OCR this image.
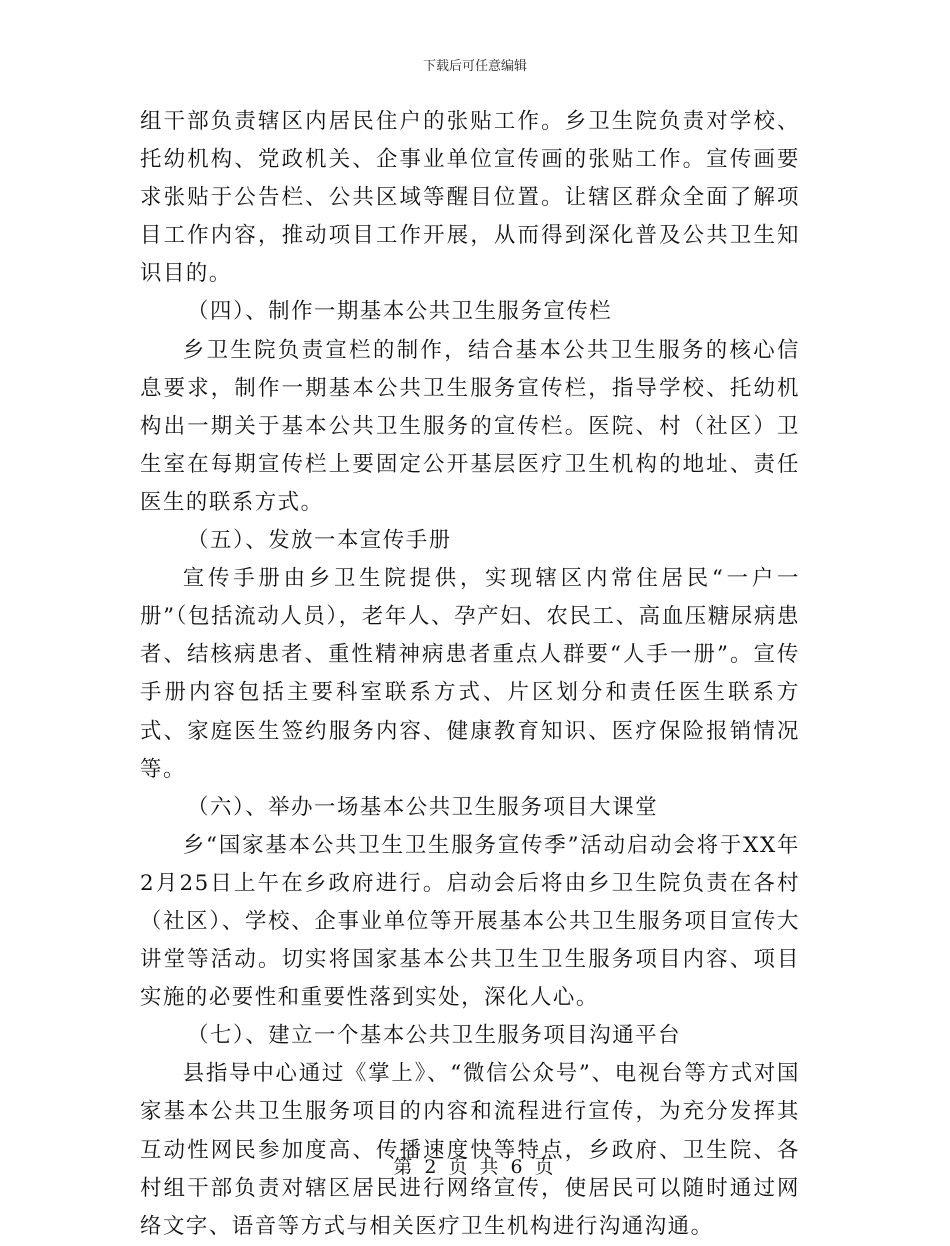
下载后可任意编辑

组干部负责辖区内居民住户的张贴工作。乡卫生院负责对学校、托幼机构、党政机关、企事业单位宣传画的张贴工作。宣传画要求张贴于公告栏、公共区域等醒目位置。让辖区群众全面了解项目工作内容，推动项目工作开展，从而得到深化普及公共卫生知识目的。

（四）、制作一期基本公共卫生服务宣传栏

乡卫生院负责宣栏的制作，结合基本公共卫生服务的核心信息要求，制作一期基本公共卫生服务宣传栏，指导学校、托幼机构出一期关于基本公共卫生服务的宣传栏。医院、村（社区）卫生室在每期宣传栏上要固定公开基层医疗卫生机构的地址、责任医生的联系方式。

（五）、发放一本宣传手册

宣传手册由乡卫生院提供，实现辖区内常住居民“一户一册”（包括流动人员），老年人、孕产妇、农民工、高血压糖尿病患者、结核病患者、重性精神病患者重点人群要“人手一册”。宣传手册内容包括主要科室联系方式、片区划分和责任医生联系方式、家庭医生签约服务内容、健康教育知识、医疗保险报销情况等。

（六）、举办一场基本公共卫生服务项目大课堂

乡“国家基本公共卫生卫生服务宣传季”活动启动会将于XX年2月25日上午在乡政府进行。启动会后将由乡卫生院负责在各村（社区）、学校、企事业单位等开展基本公共卫生服务项目宣传大讲堂等活动。切实将国家基本公共卫生卫生服务项目内容、项目实施的必要性和重要性落到实处，深化人心。

（七）、建立一个基本公共卫生服务项目沟通平台

县指导中心通过《掌上》、“微信公众号”、电视台等方式对国家基本公共卫生服务项目的内容和流程进行宣传，为充分发挥其互动性网民参加度高、传播速度快等特点，乡政府、卫生院、各村组干部负责对辖区居民进行网络宣传，使居民可以随时通过网络文字、语音等方式与相关医疗卫生机构进行沟通沟通。

第 2 页 共 6 页
